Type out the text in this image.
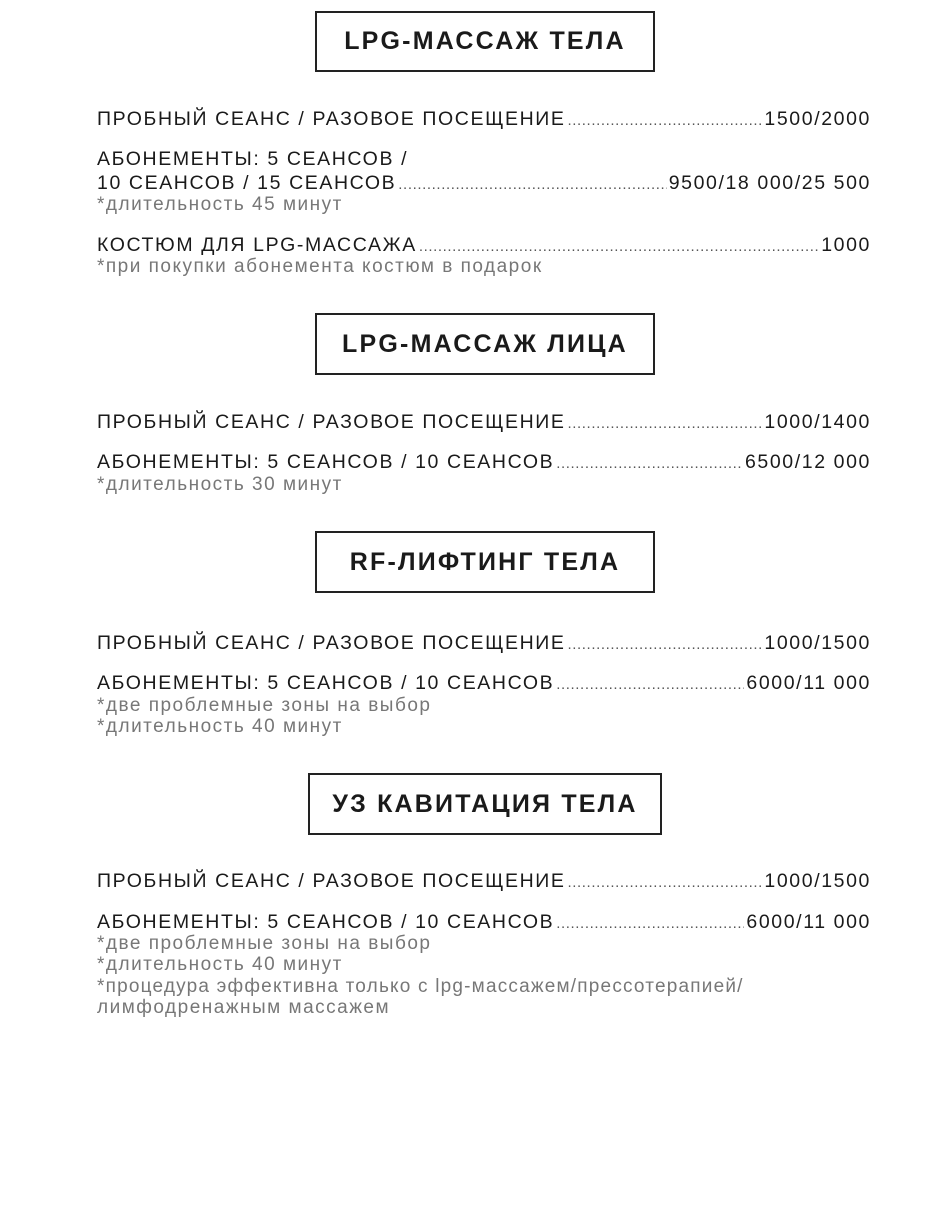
LPG-МАССАЖ ТЕЛА
ПРОБНЫЙ СЕАНС / РАЗОВОЕ ПОСЕЩЕНИЕ .....	1500/2000
АБОНЕМЕНТЫ: 5 СЕАНСОВ /
10 СЕАНСОВ / 15 СЕАНСОВ .....	9500/18 000/25 500
*длительность 45 минут
КОСТЮМ ДЛЯ LPG-МАССАЖА .....	1000
*при покупки абонемента костюм в подарок
LPG-МАССАЖ ЛИЦА
ПРОБНЫЙ СЕАНС / РАЗОВОЕ ПОСЕЩЕНИЕ .....	1000/1400
АБОНЕМЕНТЫ: 5 СЕАНСОВ / 10 СЕАНСОВ .....	6500/12 000
*длительность 30 минут
RF-ЛИФТИНГ ТЕЛА
ПРОБНЫЙ СЕАНС / РАЗОВОЕ ПОСЕЩЕНИЕ .....	1000/1500
АБОНЕМЕНТЫ: 5 СЕАНСОВ / 10 СЕАНСОВ .....	6000/11 000
*две проблемные зоны на выбор
*длительность 40 минут
УЗ КАВИТАЦИЯ ТЕЛА
ПРОБНЫЙ СЕАНС / РАЗОВОЕ ПОСЕЩЕНИЕ .....	1000/1500
АБОНЕМЕНТЫ: 5 СЕАНСОВ / 10 СЕАНСОВ .....	6000/11 000
*две проблемные зоны на выбор
*длительность 40 минут
*процедура эффективна только с lpg-массажем/прессотерапией/
лимфодренажным массажем
